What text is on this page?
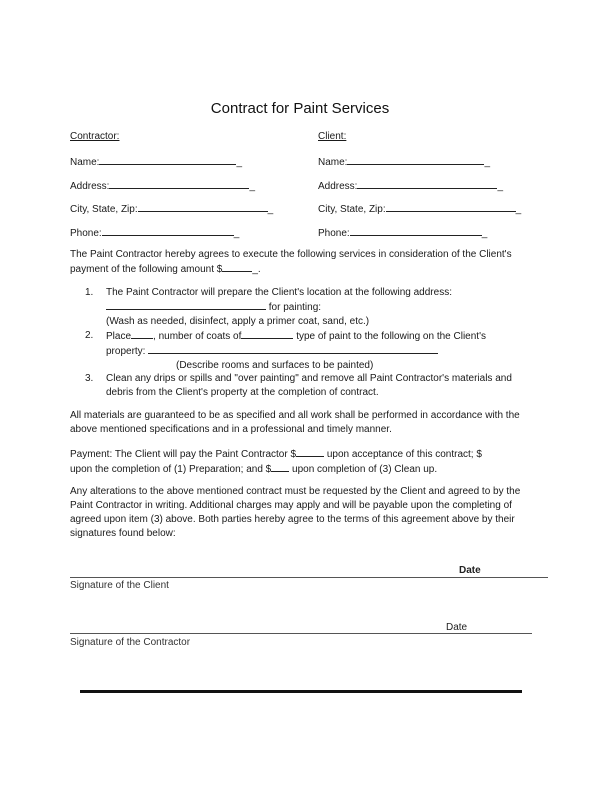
Contract for Paint Services
Contractor:
Name:	_
Address:	_
City, State, Zip:	_
Phone:	_
Client:
Name:	_
Address:	_
City, State, Zip:	_
Phone:	_
The Paint Contractor hereby agrees to execute the following services in consideration of the Client's
payment of the following amount $	_.
1. The Paint Contractor will prepare the Client's location at the following address:
for painting:
(Wash as needed, disinfect, apply a primer coat, sand, etc.)
2. Place , number of coats of	type of paint to the following on the Client's
property:
(Describe rooms and surfaces to be painted)
3. Clean any drips or spills and "over painting" and remove all Paint Contractor's materials and
debris from the Client's property at the completion of contract.
All materials are guaranteed to be as specified and all work shall be performed in accordance with the
above mentioned specifications and in a professional and timely manner.
Payment: The Client will pay the Paint Contractor $	upon acceptance of this contract; $
upon the completion of (1) Preparation; and $ upon completion of (3) Clean up.
Any alterations to the above mentioned contract must be requested by the Client and agreed to by the
Paint Contractor in writing. Additional charges may apply and will be payable upon the completing of
agreed upon item (3) above. Both parties hereby agree to the terms of this agreement above by their
signatures found below:
Date
Signature of the Client
Date
Signature of the Contractor
